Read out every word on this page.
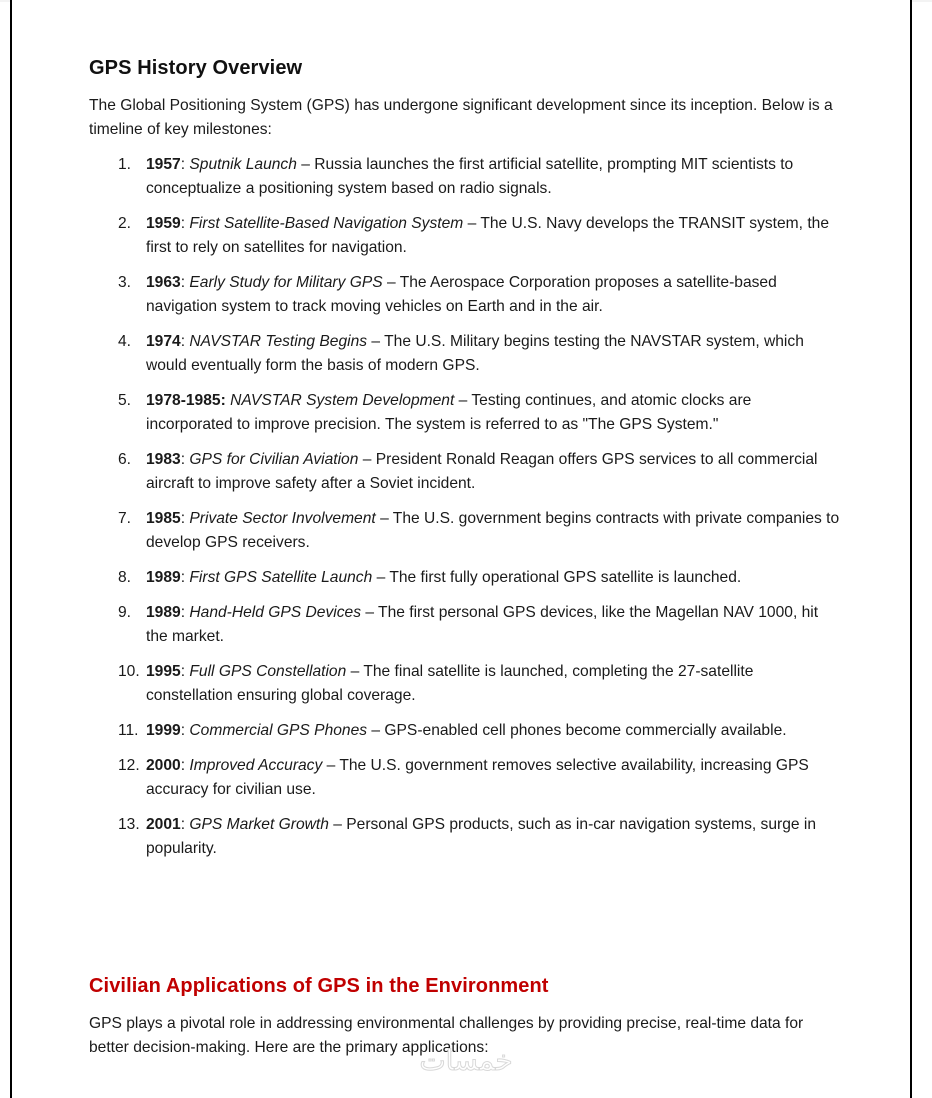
GPS History Overview

The Global Positioning System (GPS) has undergone significant development since its inception. Below is a timeline of key milestones:

1. 1957: Sputnik Launch – Russia launches the first artificial satellite, prompting MIT scientists to conceptualize a positioning system based on radio signals.
2. 1959: First Satellite-Based Navigation System – The U.S. Navy develops the TRANSIT system, the first to rely on satellites for navigation.
3. 1963: Early Study for Military GPS – The Aerospace Corporation proposes a satellite-based navigation system to track moving vehicles on Earth and in the air.
4. 1974: NAVSTAR Testing Begins – The U.S. Military begins testing the NAVSTAR system, which would eventually form the basis of modern GPS.
5. 1978-1985: NAVSTAR System Development – Testing continues, and atomic clocks are incorporated to improve precision. The system is referred to as "The GPS System."
6. 1983: GPS for Civilian Aviation – President Ronald Reagan offers GPS services to all commercial aircraft to improve safety after a Soviet incident.
7. 1985: Private Sector Involvement – The U.S. government begins contracts with private companies to develop GPS receivers.
8. 1989: First GPS Satellite Launch – The first fully operational GPS satellite is launched.
9. 1989: Hand-Held GPS Devices – The first personal GPS devices, like the Magellan NAV 1000, hit the market.
10. 1995: Full GPS Constellation – The final satellite is launched, completing the 27-satellite constellation ensuring global coverage.
11. 1999: Commercial GPS Phones – GPS-enabled cell phones become commercially available.
12. 2000: Improved Accuracy – The U.S. government removes selective availability, increasing GPS accuracy for civilian use.
13. 2001: GPS Market Growth – Personal GPS products, such as in-car navigation systems, surge in popularity.
Civilian Applications of GPS in the Environment

GPS plays a pivotal role in addressing environmental challenges by providing precise, real-time data for better decision-making. Here are the primary applications:

خمسات
